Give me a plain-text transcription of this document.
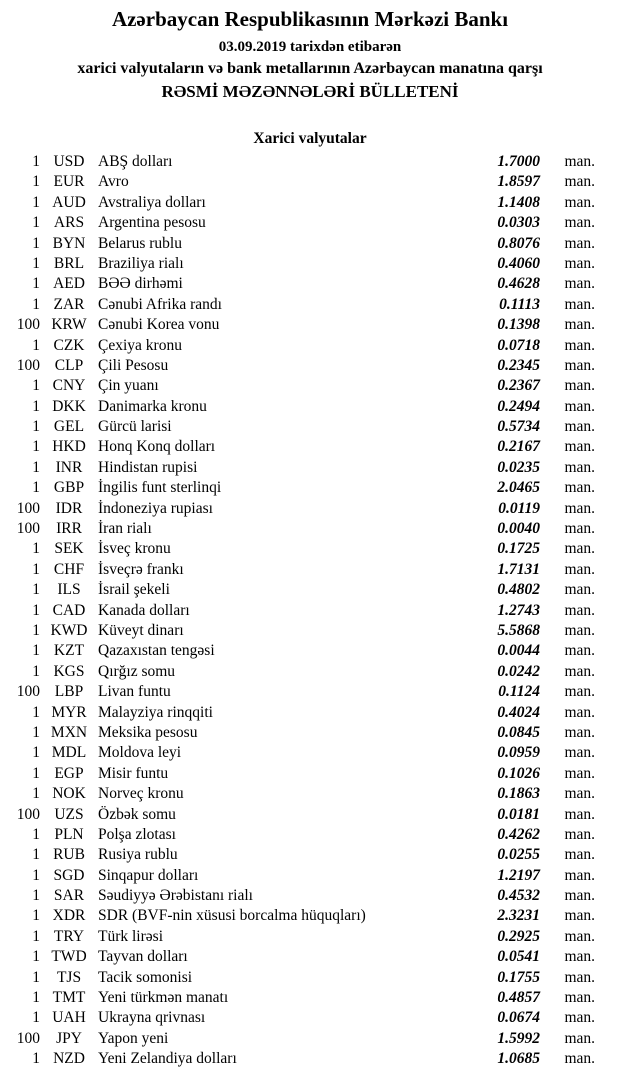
Azərbaycan Respublikasının Mərkəzi Bankı
03.09.2019 tarixdən etibarən
xarici valyutaların və bank metallarının Azərbaycan manatına qarşı
RƏSMİ MƏZƏNNƏLƏRİ BÜLLETENİ
Xarici valyutalar
1 USD ABŞ dolları	1.7000	man.
1 EUR Avro	1.8597	man.
1 AUD Avstraliya dolları	1.1408	man.
1 ARS Argentina pesosu	0.0303	man.
1 BYN Belarus rublu	0.8076	man.
1 BRL Braziliya rialı	0.4060	man.
1 AED BƏƏ dirhəmi	0.4628	man.
1 ZAR Cənubi Afrika randı	0.1113	man.
100 KRW Cənubi Korea vonu	0.1398	man.
1 CZK Çexiya kronu	0.0718	man.
100 CLP Çili Pesosu	0.2345	man.
1 CNY Çin yuanı	0.2367	man.
1 DKK Danimarka kronu	0.2494	man.
1 GEL Gürcü larisi	0.5734	man.
1 HKD Honq Konq dolları	0.2167	man.
1	INR	Hindistan rupisi	0.0235	man.
1 GBP İngilis funt sterlinqi	2.0465	man.
100	IDR	İndoneziya rupiası	0.0119	man.
100	IRR	İran rialı	0.0040	man.
1 SEK İsveç kronu	0.1725	man.
1 CHF İsveçrə frankı	1.7131	man.
1	ILS	İsrail şekeli	0.4802	man.
1 CAD Kanada dolları	1.2743	man.
1 KWD Küveyt dinarı	5.5868	man.
1 KZT Qazaxıstan tengəsi	0.0044	man.
1 KGS Qırğız somu	0.0242	man.
100 LBP Livan funtu	0.1124	man.
1 MYR Malayziya rinqqiti	0.4024	man.
1 MXN Meksika pesosu	0.0845	man.
1 MDL Moldova leyi	0.0959	man.
1 EGP Misir funtu	0.1026	man.
1 NOK Norveç kronu	0.1863	man.
100 UZS Özbək somu	0.0181	man.
1 PLN Polşa zlotası	0.4262	man.
1 RUB Rusiya rublu	0.0255	man.
1 SGD Sinqapur dolları	1.2197	man.
1 SAR Səudiyyə Ərəbistanı rialı	0.4532	man.
1 XDR SDR (BVF-nin xüsusi borcalma hüquqları)	2.3231	man.
1 TRY Türk lirəsi	0.2925	man.
1 TWD Tayvan dolları	0.0541	man.
1	TJS	Tacik somonisi	0.1755	man.
1 TMT Yeni türkmən manatı	0.4857	man.
1 UAH Ukrayna qrivnası	0.0674	man.
100	JPY	Yapon yeni	1.5992	man.
1 NZD Yeni Zelandiya dolları	1.0685	man.
